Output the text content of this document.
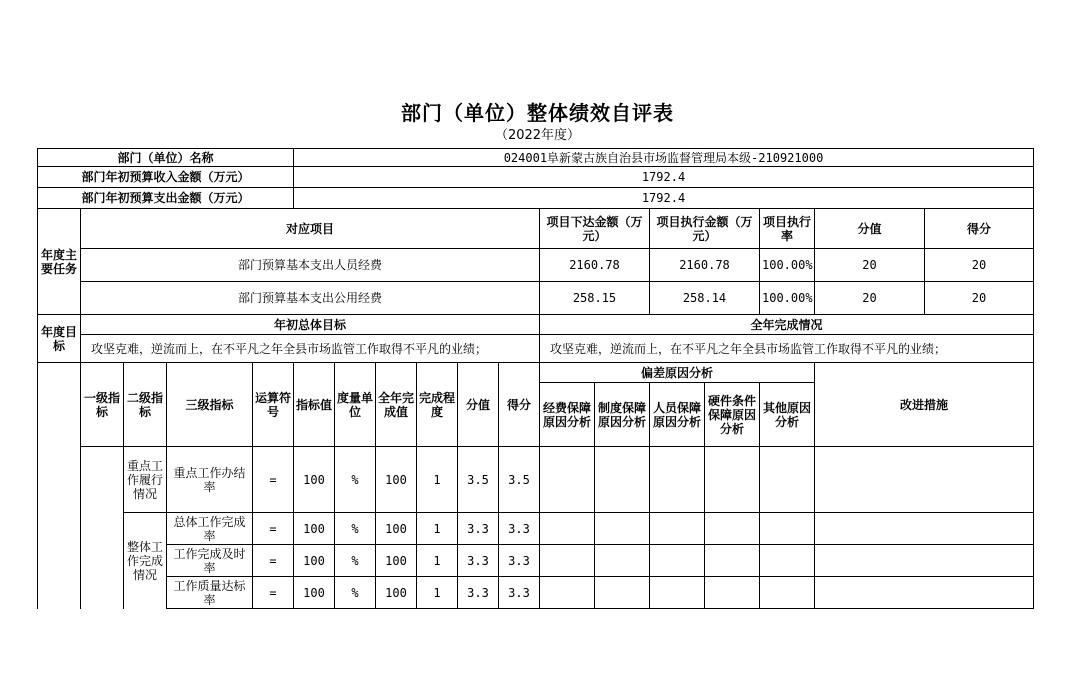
部门（单位）整体绩效自评表
（2022年度）
部门（单位）名称					024001阜新蒙古族自治县市场监督管理局本级-210921000												
部门年初预算收入金额（万元）					1792.4												
部门年初预算支出金额（万元）					1792.4												
年度主要任务	对应项目										项目下达金额（万元）		项目执行金额（万元）		项目执行率	分值	得分
	部门预算基本支出人员经费										2160.78		2160.78		100.00%	20	20
	部门预算基本支出公用经费										258.15		258.14		100.00%	20	20
年度目标	年初总体目标										全年完成情况						
	攻坚克难，逆流而上，在不平凡之年全县市场监管工作取得不平凡的业绩；										攻坚克难，逆流而上，在不平凡之年全县市场监管工作取得不平凡的业绩；						
	一级指标	二级指标	三级指标	运算符号	指标值	度量单位	全年完成值	完成程度	分值	得分	偏差原因分析					改进措施	
											经费保障原因分析	制度保障原因分析	人员保障原因分析	硬件条件保障原因分析	其他原因分析		
		重点工作履行情况	重点工作办结率	=	100	%	100	1	3.5	3.5							
		整体工作完成情况	总体工作完成率	=	100	%	100	1	3.3	3.3							
			工作完成及时率	=	100	%	100	1	3.3	3.3							
			工作质量达标率	=	100	%	100	1	3.3	3.3							
